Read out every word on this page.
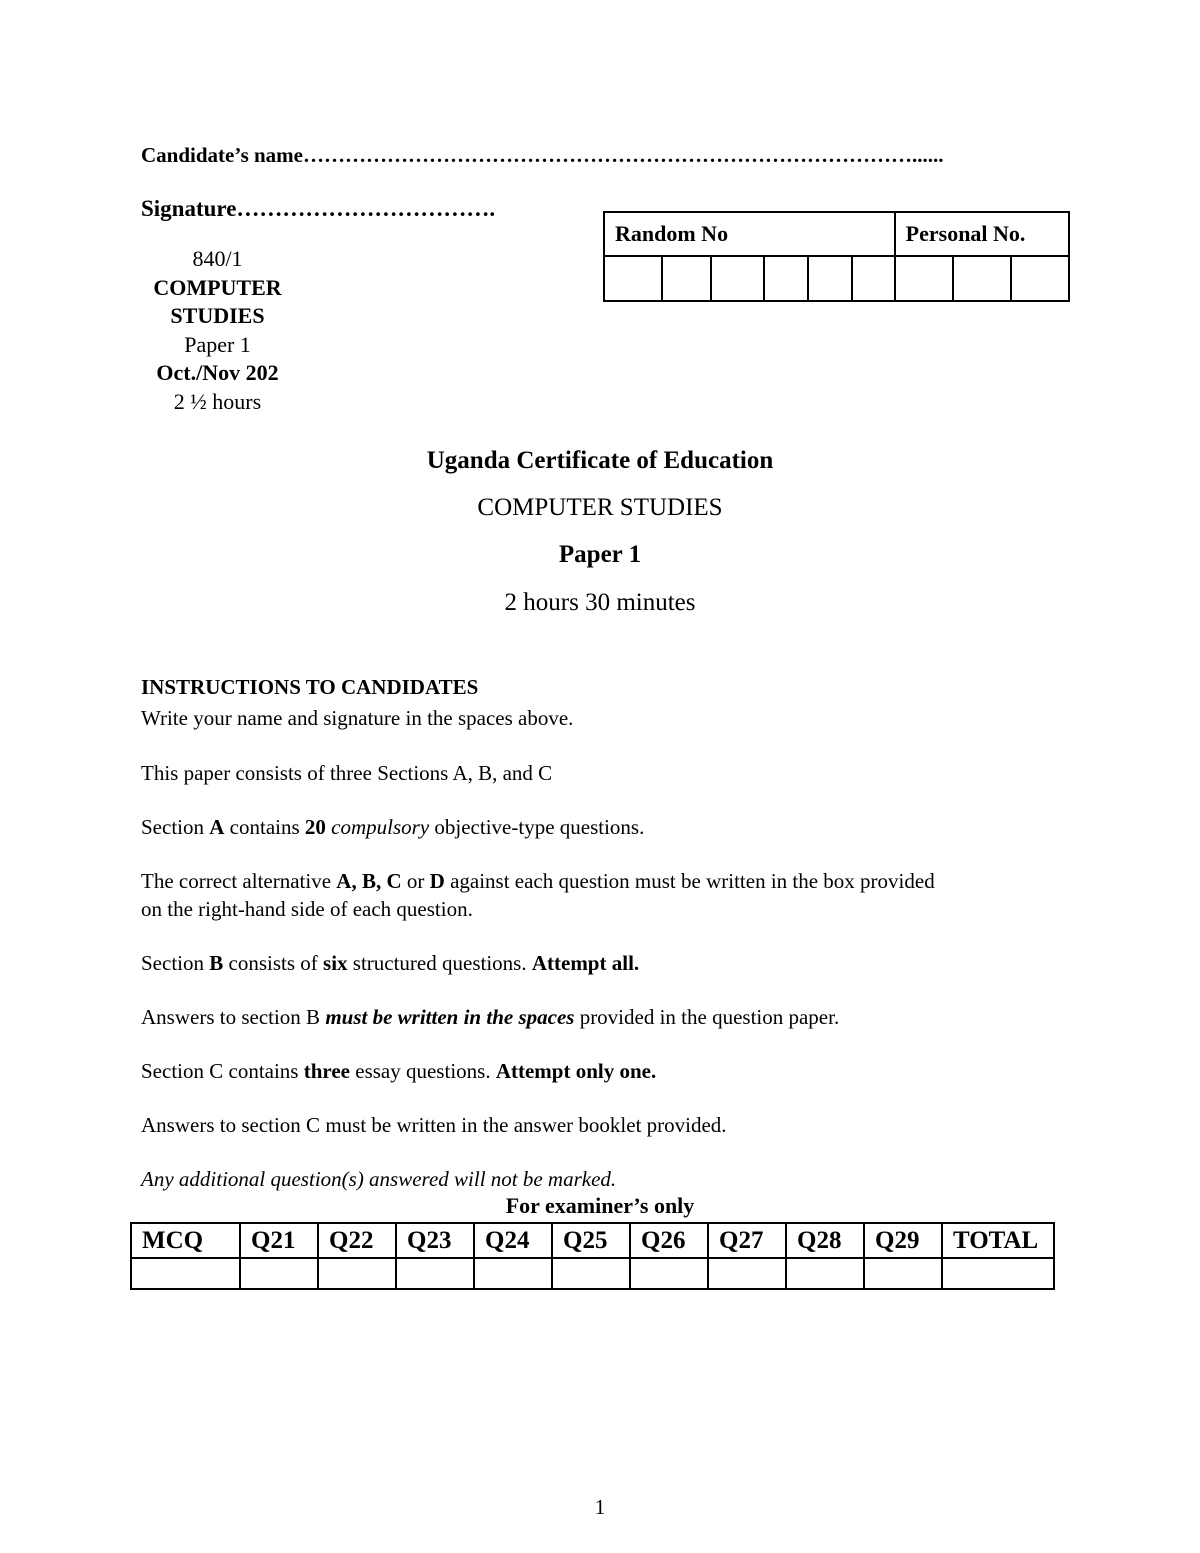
Candidate’s name……………………………………………………………………………......
Signature…………………………….
840/1
COMPUTER
STUDIES
Paper 1
Oct./Nov 202
2 ½ hours
Random No						Personal No.		

Uganda Certificate of Education
COMPUTER STUDIES
Paper 1
2 hours 30 minutes
INSTRUCTIONS TO CANDIDATES
Write your name and signature in the spaces above.
This paper consists of three Sections A, B, and C
Section A contains 20 compulsory objective-type questions.
The correct alternative A, B, C or D against each question must be written in the box provided
on the right-hand side of each question.
Section B consists of six structured questions. Attempt all.
Answers to section B must be written in the spaces provided in the question paper.
Section C contains three essay questions. Attempt only one.
Answers to section C must be written in the answer booklet provided.
Any additional question(s) answered will not be marked.
For examiner’s only
MCQ	Q21	Q22	Q23	Q24	Q25	Q26	Q27	Q28	Q29	TOTAL

1
